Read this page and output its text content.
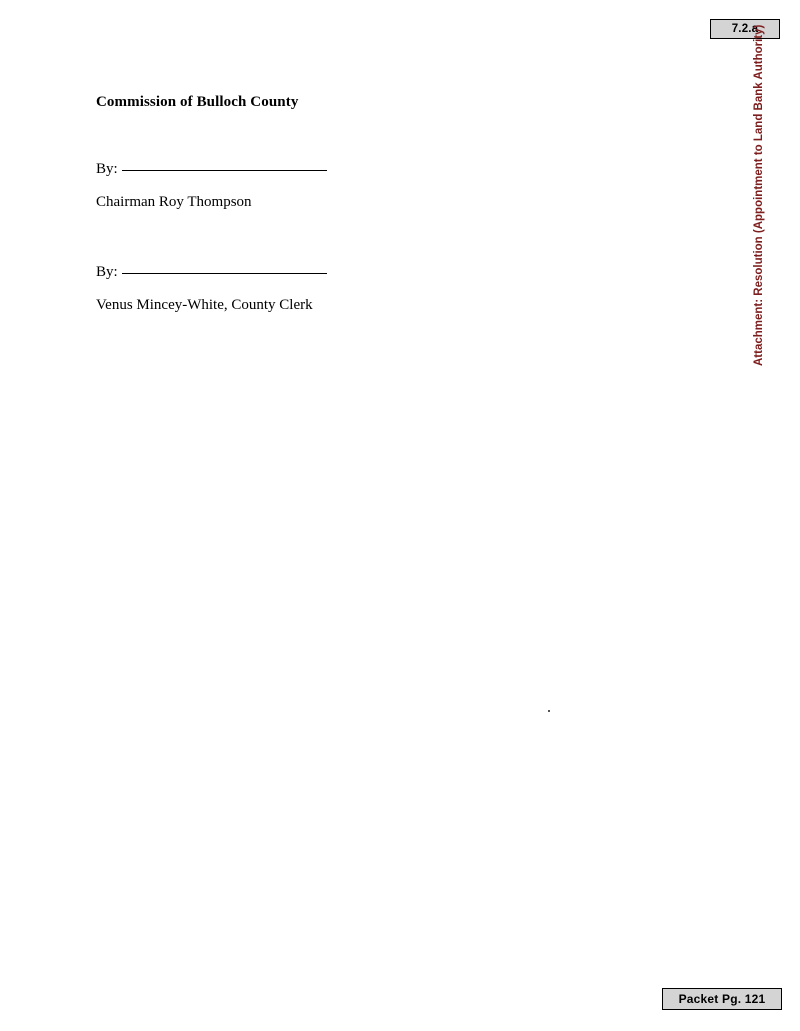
7.2.a

Commission of Bulloch County

By:

Chairman Roy Thompson

By:

Venus Mincey-White, County Clerk	Attachment: Resolution (Appointment to Land Bank Authority)
Packet Pg. 121
